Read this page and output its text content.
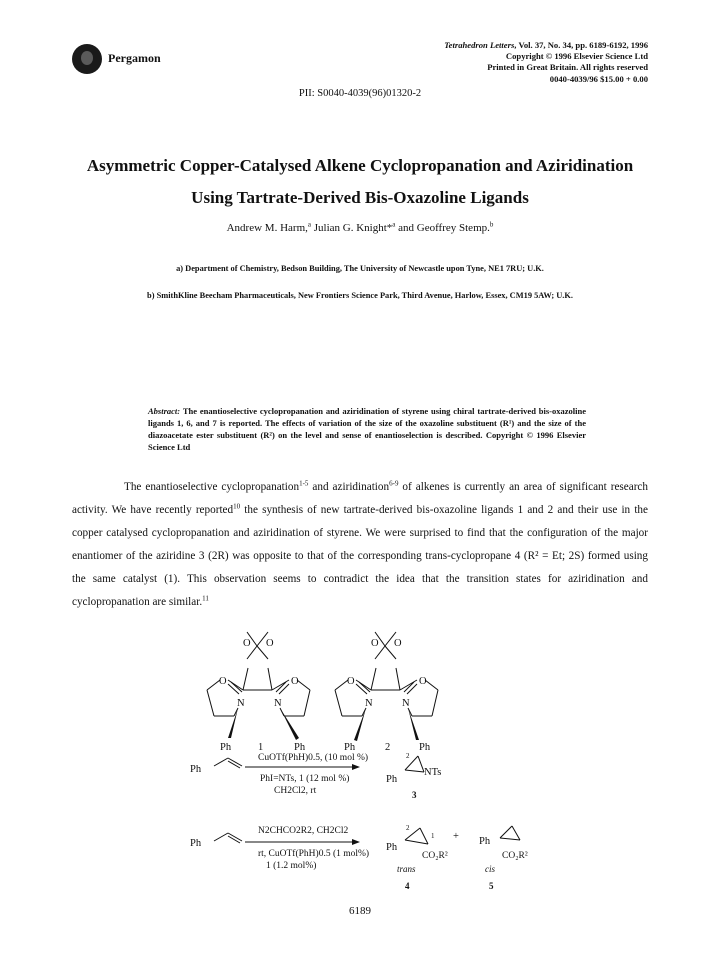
Pergamon
Tetrahedron Letters, Vol. 37, No. 34, pp. 6189-6192, 1996
Copyright © 1996 Elsevier Science Ltd
Printed in Great Britain. All rights reserved
0040-4039/96 $15.00 + 0.00
PII: S0040-4039(96)01320-2
Asymmetric Copper-Catalysed Alkene Cyclopropanation and Aziridination
Using Tartrate-Derived Bis-Oxazoline Ligands
Andrew M. Harm,$^a$ Julian G. Knight*$^a$ and Geoffrey Stemp.$^b$
a) Department of Chemistry, Bedson Building, The University of Newcastle upon Tyne, NE1 7RU; U.K.
b) SmithKline Beecham Pharmaceuticals, New Frontiers Science Park, Third Avenue, Harlow, Essex, CM19 5AW; U.K.
Abstract: The enantioselective cyclopropanation and aziridination of styrene using chiral tartrate-derived bis-oxazoline ligands 1, 6, and 7 is reported. The effects of variation of the size of the oxazoline substituent (R¹) and the size of the diazoacetate ester substituent (R²) on the level and sense of enantioselection is described. Copyright © 1996 Elsevier Science Ltd
The enantioselective cyclopropanation$^{1-5}$ and aziridination$^{6-9}$ of alkenes is currently an area of significant research activity. We have recently reported$^{10}$ the synthesis of new tartrate-derived bis-oxazoline ligands 1 and 2 and their use in the copper catalysed cyclopropanation and aziridination of styrene. We were surprised to find that the configuration of the major enantiomer of the aziridine 3 (2R) was opposite to that of the corresponding trans-cyclopropane 4 (R² = Et; 2S) formed using the same catalyst (1). This observation seems to contradict the idea that the transition states for aziridination and cyclopropanation are similar.$^{11}$
O O
O	O
N	N
Ph	Ph
1
O O
O	O
N	N
Ph	Ph
2
Ph
CuOTf(PhH)0.5, (10 mol %)
PhI=NTs, 1 (12 mol %)
CH2Cl2, rt
Ph
NTs
2
3
Ph
N2CHCO2R2, CH2Cl2
rt, CuOTf(PhH)0.5 (1 mol%)
1 (1.2 mol%)
Ph
2
1
CO₂R²
+ Ph
CO₂R²
trans	cis
4	5
6189
